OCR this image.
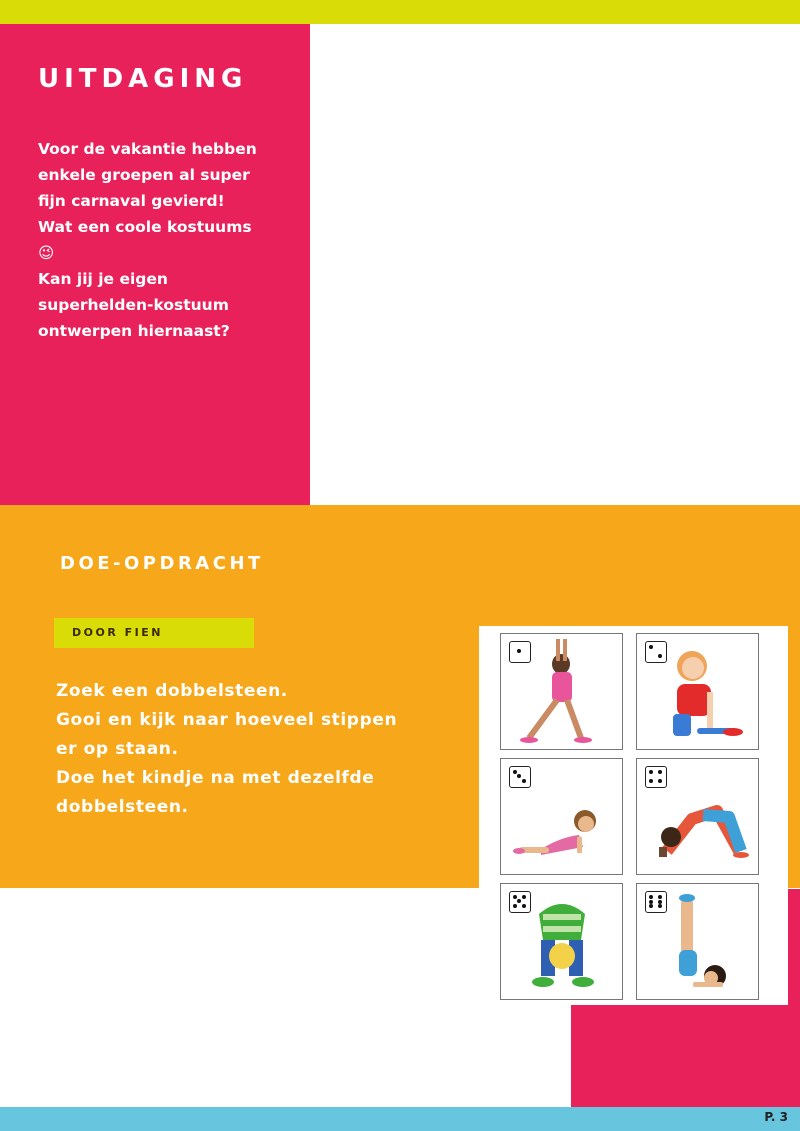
UITDAGING

Voor de vakantie hebben
enkele groepen al super
fijn carnaval gevierd!
Wat een coole kostuums
😉
Kan jij je eigen
superhelden-kostuum
ontwerpen hiernaast?

DOE-OPDRACHT
DOOR FIEN

Zoek een dobbelsteen.
Gooi en kijk naar hoeveel stippen
er op staan.
Doe het kindje na met dezelfde
dobbelsteen.

P. 3
